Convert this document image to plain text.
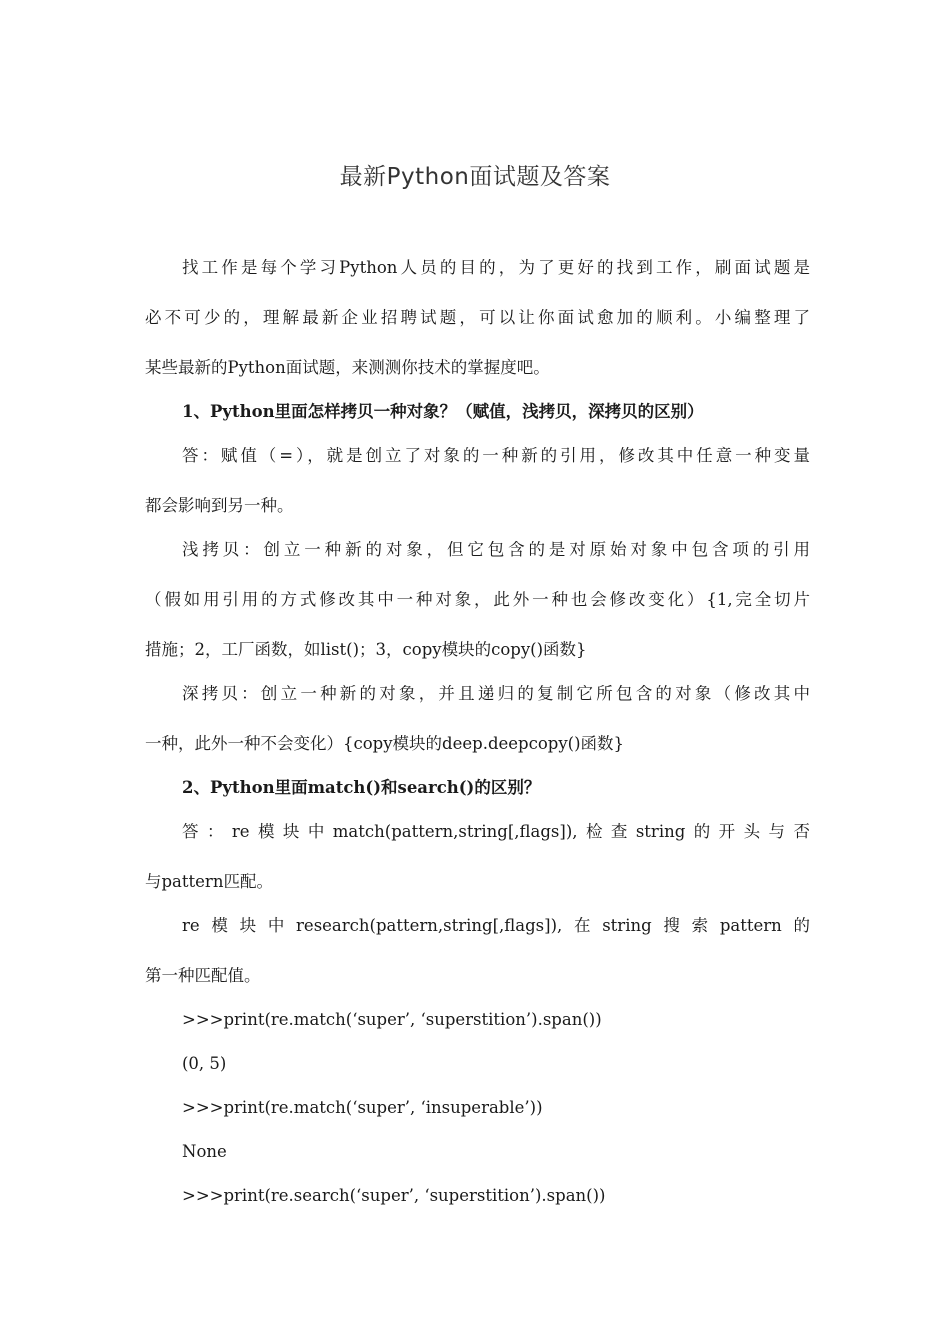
最新Python面试题及答案
找工作是每个学习Python人员的目的，为了更好的找到工作，刷面试题是
必不可少的，理解最新企业招聘试题，可以让你面试愈加的顺利。小编整理了
某些最新的Python面试题，来测测你技术的掌握度吧。
1、Python里面怎样拷贝一种对象？（赋值，浅拷贝，深拷贝的区别）
答：赋值（=），就是创立了对象的一种新的引用，修改其中任意一种变量
都会影响到另一种。
浅拷贝：创立一种新的对象，但它包含的是对原始对象中包含项的引用
（假如用引用的方式修改其中一种对象，此外一种也会修改变化）{1,完全切片
措施；2，工厂函数，如list()；3，copy模块的copy()函数}
深拷贝：创立一种新的对象，并且递归的复制它所包含的对象（修改其中
一种，此外一种不会变化）{copy模块的deep.deepcopy()函数}
2、Python里面match()和search()的区别？
答：re模块中match(pattern,string[,flags]),检查string的开头与否
与pattern匹配。
re模块中research(pattern,string[,flags]),在string搜索pattern的
第一种匹配值。
>>>print(re.match(‘super’, ‘superstition’).span())
(0, 5)
>>>print(re.match(‘super’, ‘insuperable’))
None
>>>print(re.search(‘super’, ‘superstition’).span())
